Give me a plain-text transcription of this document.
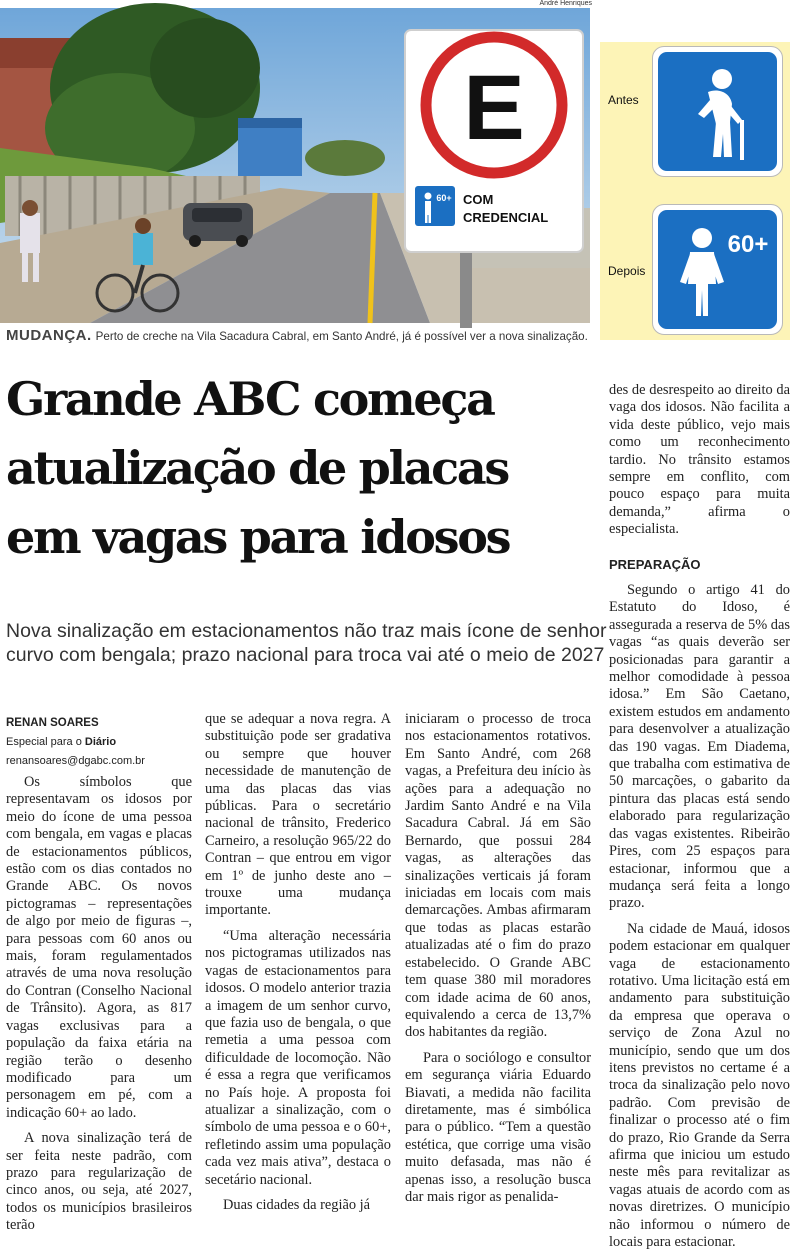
André Henriques
E
60+ COM
CREDENCIAL
MUDANÇA. Perto de creche na Vila Sacadura Cabral, em Santo André, já é possível ver a nova sinalização.
Antes
Depois
60+
Grande ABC começa
atualização de placas
em vagas para idosos
Nova sinalização em estacionamentos não traz mais ícone de senhor
curvo com bengala; prazo nacional para troca vai até o meio de 2027
RENAN SOARES
Especial para o Diário
renansoares@dgabc.com.br

Os símbolos que representavam os idosos por meio do ícone de uma pessoa com bengala, em vagas e placas de estacionamentos públicos, estão com os dias contados no Grande ABC. Os novos pictogramas – representações de algo por meio de figuras –, para pessoas com 60 anos ou mais, foram regulamentados através de uma nova resolução do Contran (Conselho Nacional de Trânsito). Agora, as 817 vagas exclusivas para a população da faixa etária na região terão o desenho modificado para um personagem em pé, com a indicação 60+ ao lado.

A nova sinalização terá de ser feita neste padrão, com prazo para regularização de cinco anos, ou seja, até 2027, todos os municípios brasileiros terão

que se adequar a nova regra. A substituição pode ser gradativa ou sempre que houver necessidade de manutenção de uma das placas das vias públicas. Para o secretário nacional de trânsito, Frederico Carneiro, a resolução 965/22 do Contran – que entrou em vigor em 1º de junho deste ano – trouxe uma mudança importante.

“Uma alteração necessária nos pictogramas utilizados nas vagas de estacionamentos para idosos. O modelo anterior trazia a imagem de um senhor curvo, que fazia uso de bengala, o que remetia a uma pessoa com dificuldade de locomoção. Não é essa a regra que verificamos no País hoje. A proposta foi atualizar a sinalização, com o símbolo de uma pessoa e o 60+, refletindo assim uma população cada vez mais ativa”, destaca o secetário nacional.

Duas cidades da região já

iniciaram o processo de troca nos estacionamentos rotativos. Em Santo André, com 268 vagas, a Prefeitura deu início às ações para a adequação no Jardim Santo André e na Vila Sacadura Cabral. Já em São Bernardo, que possui 284 vagas, as alterações das sinalizações verticais já foram iniciadas em locais com mais demarcações. Ambas afirmaram que todas as placas estarão atualizadas até o fim do prazo estabelecido. O Grande ABC tem quase 380 mil moradores com idade acima de 60 anos, equivalendo a cerca de 13,7% dos habitantes da região.

Para o sociólogo e consultor em segurança viária Eduardo Biavati, a medida não facilita diretamente, mas é simbólica para o público. “Tem a questão estética, que corrige uma visão muito defasada, mas não é apenas isso, a resolução busca dar mais rigor as penalida-

des de desrespeito ao direito da vaga dos idosos. Não facilita a vida deste público, vejo mais como um reconhecimento tardio. No trânsito estamos sempre em conflito, com pouco espaço para muita demanda,” afirma o especialista.

PREPARAÇÃO

Segundo o artigo 41 do Estatuto do Idoso, é assegurada a reserva de 5% das vagas “as quais deverão ser posicionadas para garantir a melhor comodidade à pessoa idosa.” Em São Caetano, existem estudos em andamento para desenvolver a atualização das 190 vagas. Em Diadema, que trabalha com estimativa de 50 marcações, o gabarito da pintura das placas está sendo elaborado para regularização das vagas existentes. Ribeirão Pires, com 25 espaços para estacionar, informou que a mudança será feita a longo prazo.

Na cidade de Mauá, idosos podem estacionar em qualquer vaga de estacionamento rotativo. Uma licitação está em andamento para substituição da empresa que operava o serviço de Zona Azul no município, sendo que um dos itens previstos no certame é a troca da sinalização pelo novo padrão. Com previsão de finalizar o processo até o fim do prazo, Rio Grande da Serra afirma que iniciou um estudo neste mês para revitalizar as vagas atuais de acordo com as novas diretrizes. O município não informou o número de locais para estacionar.
